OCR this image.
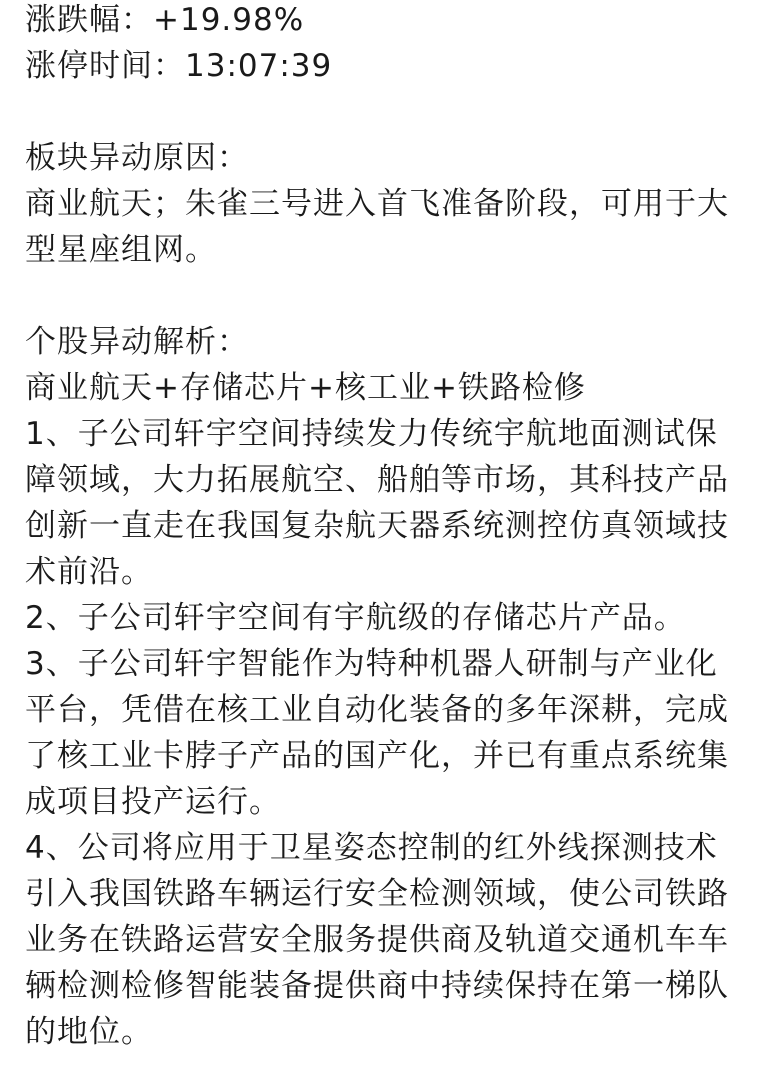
涨跌幅：+19.98%
涨停时间：13:07:39
板块异动原因：
商业航天；朱雀三号进入首飞准备阶段，可用于大型星座组网。
个股异动解析：
商业航天+存储芯片+核工业+铁路检修
1、子公司轩宇空间持续发力传统宇航地面测试保障领域，大力拓展航空、船舶等市场，其科技产品创新一直走在我国复杂航天器系统测控仿真领域技术前沿。
2、子公司轩宇空间有宇航级的存储芯片产品。
3、子公司轩宇智能作为特种机器人研制与产业化平台，凭借在核工业自动化装备的多年深耕，完成了核工业卡脖子产品的国产化，并已有重点系统集成项目投产运行。
4、公司将应用于卫星姿态控制的红外线探测技术引入我国铁路车辆运行安全检测领域，使公司铁路业务在铁路运营安全服务提供商及轨道交通机车车辆检测检修智能装备提供商中持续保持在第一梯队的地位。
